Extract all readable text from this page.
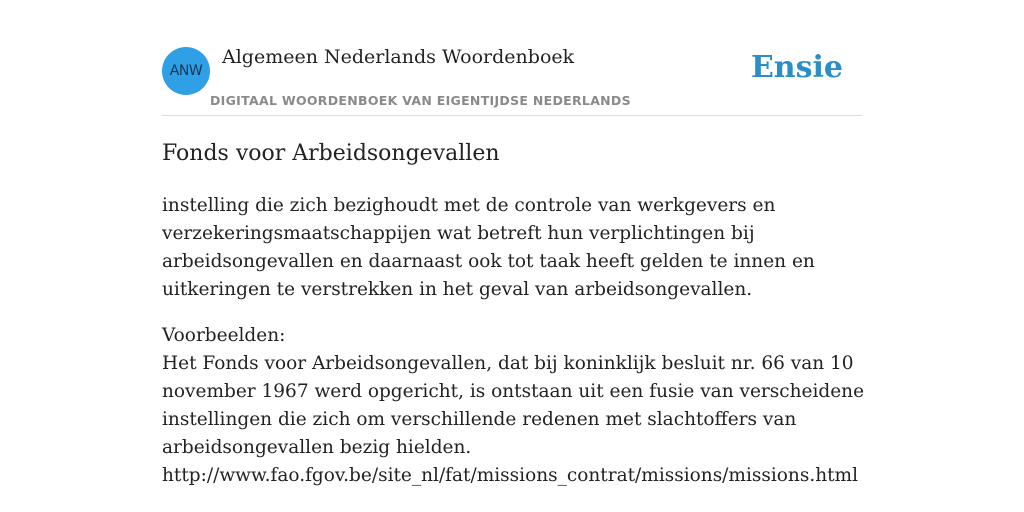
ANW
Algemeen Nederlands Woordenboek
DIGITAAL WOORDENBOEK VAN EIGENTIJDSE NEDERLANDS
Ensie
Fonds voor Arbeidsongevallen

instelling die zich bezighoudt met de controle van werkgevers en verzekeringsmaatschappijen wat betreft hun verplichtingen bij arbeidsongevallen en daarnaast ook tot taak heeft gelden te innen en uitkeringen te verstrekken in het geval van arbeidsongevallen.

Voorbeelden:
Het Fonds voor Arbeidsongevallen, dat bij koninklijk besluit nr. 66 van 10 november 1967 werd opgericht, is ontstaan uit een fusie van verscheidene instellingen die zich om verschillende redenen met slachtoffers van arbeidsongevallen bezig hielden.
http://www.fao.fgov.be/site_nl/fat/missions_contrat/missions/missions.html
